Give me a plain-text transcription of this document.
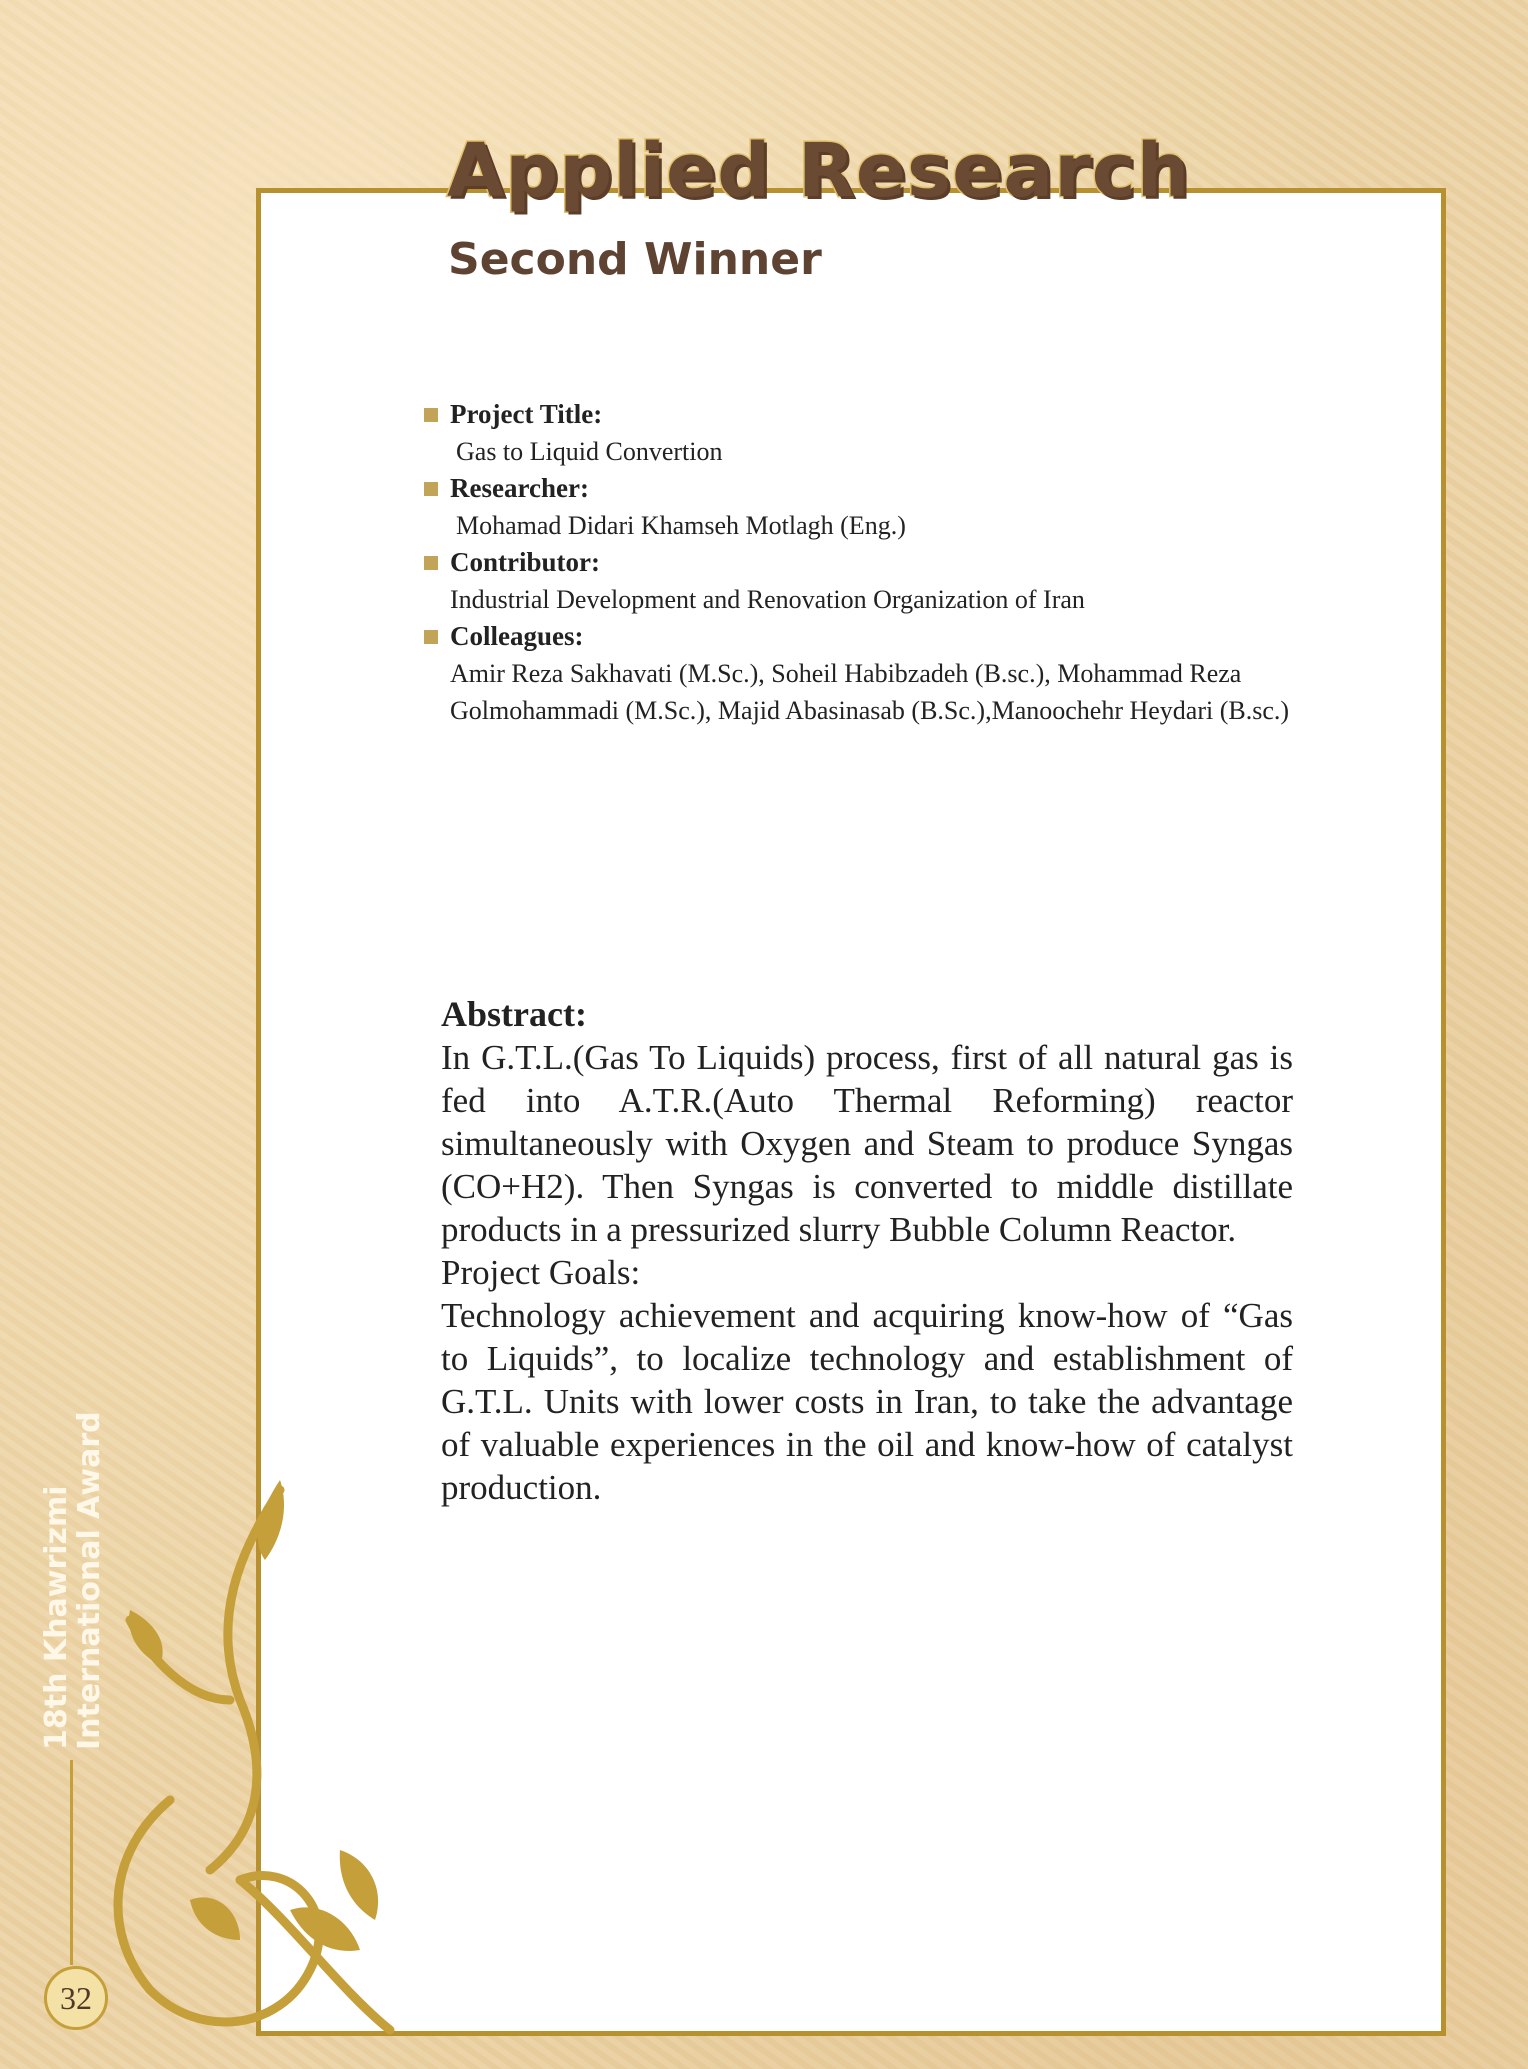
Applied Research
Second Winner
Project Title:
Gas to Liquid Convertion
Researcher:
Mohamad Didari Khamseh Motlagh (Eng.)
Contributor:
Industrial Development and Renovation Organization of Iran
Colleagues:
Amir Reza Sakhavati (M.Sc.), Soheil Habibzadeh (B.sc.), Mohammad Reza Golmohammadi (M.Sc.), Majid Abasinasab (B.Sc.),Manoochehr Heydari (B.sc.)
Abstract:

In G.T.L.(Gas To Liquids) process, first of all natural gas is fed into A.T.R.(Auto Thermal Reforming) reactor simultaneously with Oxygen and Steam to produce Syngas (CO+H2). Then Syngas is converted to middle distillate products in a pressurized slurry Bubble Column Reactor.

Project Goals:

Technology achievement and acquiring know-how of “Gas to Liquids”, to localize technology and establishment of G.T.L. Units with lower costs in Iran, to take the advantage of valuable experiences in the oil and know-how of catalyst production.

18th Khawrizmi
International Award
32
